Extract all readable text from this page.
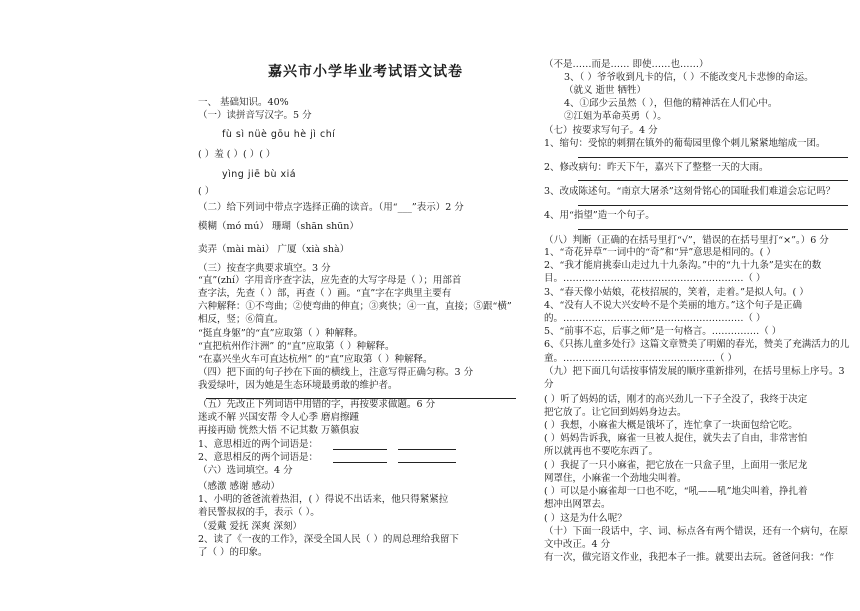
嘉兴市小学毕业考试语文试卷
一、 基础知识。40%
（一）读拼音写汉字。5 分
fù sì nüè gōu hè jì chí
( ）羞 ( ）( ）( ）
yìng jiē bù xiá
( ）
（二）给下列词中带点字选择正确的读音。（用“___”表示）2 分
模糊（mó mú） 珊瑚（shān shūn）
卖弄（mài mài） 广厦（xià shà）
（三）按查字典要求填空。3 分
“直”(zhí）字用音序查字法，应先查的大写字母是（ ）；用部首
查字法，先查（ ）部，再查（ ）画。“直”字在字典里主要有
六种解释：①不弯曲；②使弯曲的伸直；③爽快；④一直，直接；⑤跟“横”
相反，竖；⑥简直。
“挺直身躯”的“直”应取第（ ）种解释。
“直把杭州作汴洲” 的“直”应取第（ ）种解释。
“在嘉兴坐火车可直达杭州” 的“直”应取第（ ）种解释。
（四）把下面的句子抄在下面的横线上，注意写得正确匀称。3 分
我爱绿叶，因为她是生态环境最勇敢的维护者。
（五）先改正下列词语中用错的字，再按要求做题。6 分
迷或不解 兴国安帮 令人心季 磨肩擦踵
再接再励 恍然大悟 不记其数 万籁俱寂
1、意思相近的两个词语是：
2、意思相反的两个词语是：
（六）选词填空。4 分
（感激 感谢 感动）
1、小明的爸爸流着热泪，( ）得说不出话来，他只得紧紧拉
着民警叔叔的手，表示（ ）。
（爱戴 爱抚 深爽 深刻）
2、读了《一夜的工作》，深受全国人民（ ）的周总理给我留下
了（ ）的印象。
（不是……而是…… 即使……也……）
3、（ ）爷爷收到凡卡的信，（ ）不能改变凡卡悲惨的命运。
（就义 逝世 牺牲）
4、①邱少云虽然（ ），但他的精神活在人们心中。
②江姐为革命英勇（ ）。
（七）按要求写句子。4 分
1、缩句：受惊的刺猬在镇外的葡萄园里像个刺儿紧紧地缩成一团。
2、修改病句：昨天下午，嘉兴下了整整一天的大雨。
3、改成陈述句。“南京大屠杀”这刻骨铭心的国耻我们难道会忘记吗？
4、用“指望”造一个句子。
（八）判断（正确的在括号里打“√”，错误的在括号里打“×”。）6 分
1、“奇花异草”一词中的“奇”和“异”意思是相同的。( ）
2、“我才能肩挑泰山走过九十九条沟。”中的“九十九条”是实在的数
目。…………………………………………………（ ）
3、“春天像小姑娘，花枝招展的，笑着，走着。”是拟人句。( ）
4、“没有人不说大兴安岭不是个美丽的地方。”这个句子是正确
的。…………………………………………………（ ）
5、“前事不忘，后事之师”是一句格言。……………（ ）
6、《只拣儿童多处行》这篇文章赞美了明媚的春光，赞美了充满活力的儿
童。…………………………………………（ ）
（九）把下面几句话按事情发展的顺序重新排列，在括号里标上序号。3
分
( ）听了妈妈的话，刚才的高兴劲儿一下子全没了，我终于决定
把它放了。让它回到妈妈身边去。
( ）我想，小麻雀大概是饿坏了，连忙拿了一块面包给它吃。
( ）妈妈告诉我，麻雀一旦被人捉住，就失去了自由，非常害怕
所以就再也不要吃东西了。
( ）我捉了一只小麻雀，把它放在一只盒子里，上面用一张尼龙
网罩住，小麻雀一个劲地尖叫着。
( ）可以是小麻雀却一口也不吃，“吼——吼”地尖叫着，挣扎着
想冲出网罩去。
( ）这是为什么呢？
（十）下面一段话中，字、词、标点各有两个错误，还有一个病句，在原
文中改正。4 分
有一次，做完语文作业，我把本子一推。就要出去玩。爸爸问我：“作
